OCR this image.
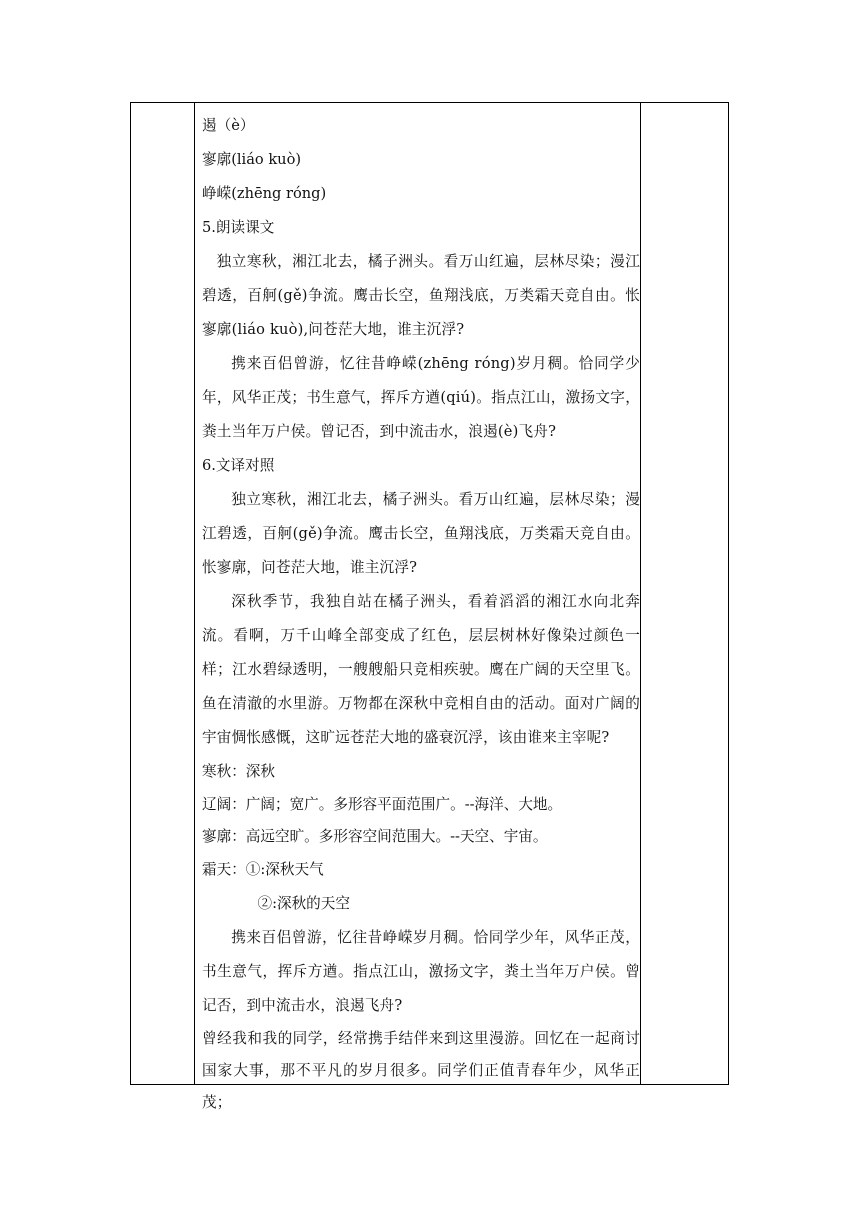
遏（è）

寥廓(liáo kuò)

峥嵘(zhēng róng)

5.朗读课文

独立寒秋，湘江北去，橘子洲头。看万山红遍，层林尽染；漫江碧透，百舸(gě)争流。鹰击长空，鱼翔浅底，万类霜天竞自由。怅寥廓(liáo kuò),问苍茫大地，谁主沉浮?

携来百侣曾游，忆往昔峥嵘(zhēng róng)岁月稠。恰同学少年，风华正茂；书生意气，挥斥方遒(qiú)。指点江山，激扬文字，粪土当年万户侯。曾记否，到中流击水，浪遏(è)飞舟?

6.文译对照

独立寒秋，湘江北去，橘子洲头。看万山红遍，层林尽染；漫江碧透，百舸(gě)争流。鹰击长空，鱼翔浅底，万类霜天竞自由。怅寥廓，问苍茫大地，谁主沉浮?

深秋季节，我独自站在橘子洲头，看着滔滔的湘江水向北奔流。看啊，万千山峰全部变成了红色，层层树林好像染过颜色一样；江水碧绿透明，一艘艘船只竞相疾驶。鹰在广阔的天空里飞。鱼在清澈的水里游。万物都在深秋中竞相自由的活动。面对广阔的宇宙惆怅感慨，这旷远苍茫大地的盛衰沉浮，该由谁来主宰呢?

寒秋：深秋

辽阔：广阔；宽广。多形容平面范围广。--海洋、大地。

寥廓：高远空旷。多形容空间范围大。--天空、宇宙。

霜天：①:深秋天气

②:深秋的天空

携来百侣曾游，忆往昔峥嵘岁月稠。恰同学少年，风华正茂，书生意气，挥斥方遒。指点江山，激扬文字，粪土当年万户侯。曾记否，到中流击水，浪遏飞舟?

曾经我和我的同学，经常携手结伴来到这里漫游。回忆在一起商讨国家大事，那不平凡的岁月很多。同学们正值青春年少，风华正茂；
